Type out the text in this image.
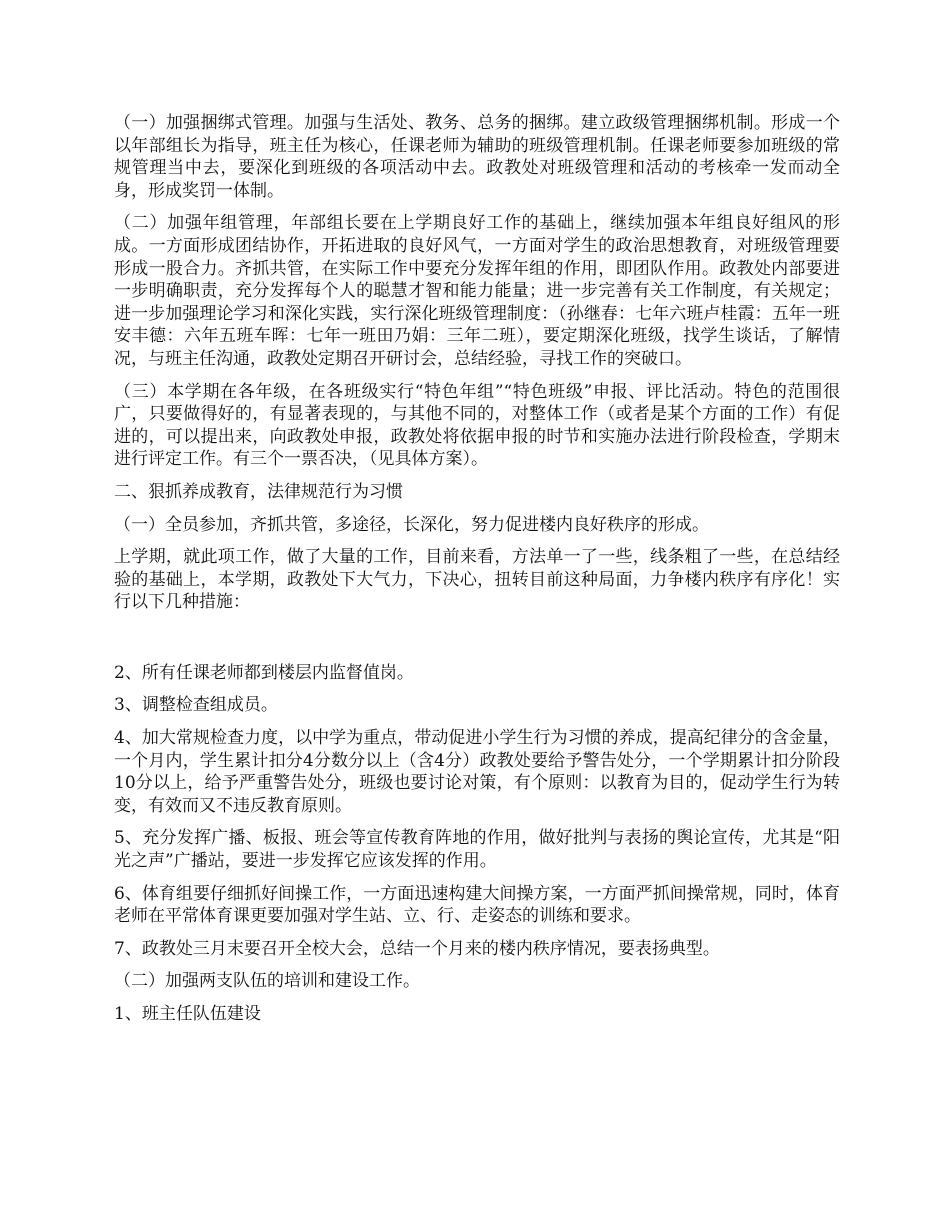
（一）加强捆绑式管理。加强与生活处、教务、总务的捆绑。建立政级管理捆绑机制。形成一个以年部组长为指导，班主任为核心，任课老师为辅助的班级管理机制。任课老师要参加班级的常规管理当中去，要深化到班级的各项活动中去。政教处对班级管理和活动的考核牵一发而动全身，形成奖罚一体制。

（二）加强年组管理，年部组长要在上学期良好工作的基础上，继续加强本年组良好组风的形成。一方面形成团结协作，开拓进取的良好风气，一方面对学生的政治思想教育，对班级管理要形成一股合力。齐抓共管，在实际工作中要充分发挥年组的作用，即团队作用。政教处内部要进一步明确职责，充分发挥每个人的聪慧才智和能力能量；进一步完善有关工作制度，有关规定；进一步加强理论学习和深化实践，实行深化班级管理制度：（孙继春：七年六班卢桂霞：五年一班安丰德：六年五班车晖：七年一班田乃娟：三年二班），要定期深化班级，找学生谈话，了解情况，与班主任沟通，政教处定期召开研讨会，总结经验，寻找工作的突破口。

（三）本学期在各年级，在各班级实行“特色年组”“特色班级”申报、评比活动。特色的范围很广，只要做得好的，有显著表现的，与其他不同的，对整体工作（或者是某个方面的工作）有促进的，可以提出来，向政教处申报，政教处将依据申报的时节和实施办法进行阶段检查，学期末进行评定工作。有三个一票否决，（见具体方案）。

二、狠抓养成教育，法律规范行为习惯

（一）全员参加，齐抓共管，多途径，长深化，努力促进楼内良好秩序的形成。

上学期，就此项工作，做了大量的工作，目前来看，方法单一了一些，线条粗了一些，在总结经验的基础上，本学期，政教处下大气力，下决心，扭转目前这种局面，力争楼内秩序有序化！实行以下几种措施：

2、所有任课老师都到楼层内监督值岗。

3、调整检查组成员。

4、加大常规检查力度，以中学为重点，带动促进小学生行为习惯的养成，提高纪律分的含金量，一个月内，学生累计扣分4分数分以上（含4分）政教处要给予警告处分，一个学期累计扣分阶段10分以上，给予严重警告处分，班级也要讨论对策，有个原则：以教育为目的，促动学生行为转变，有效而又不违反教育原则。

5、充分发挥广播、板报、班会等宣传教育阵地的作用，做好批判与表扬的舆论宣传，尤其是“阳光之声”广播站，要进一步发挥它应该发挥的作用。

6、体育组要仔细抓好间操工作，一方面迅速构建大间操方案，一方面严抓间操常规，同时，体育老师在平常体育课更要加强对学生站、立、行、走姿态的训练和要求。

7、政教处三月末要召开全校大会，总结一个月来的楼内秩序情况，要表扬典型。

（二）加强两支队伍的培训和建设工作。

1、班主任队伍建设
